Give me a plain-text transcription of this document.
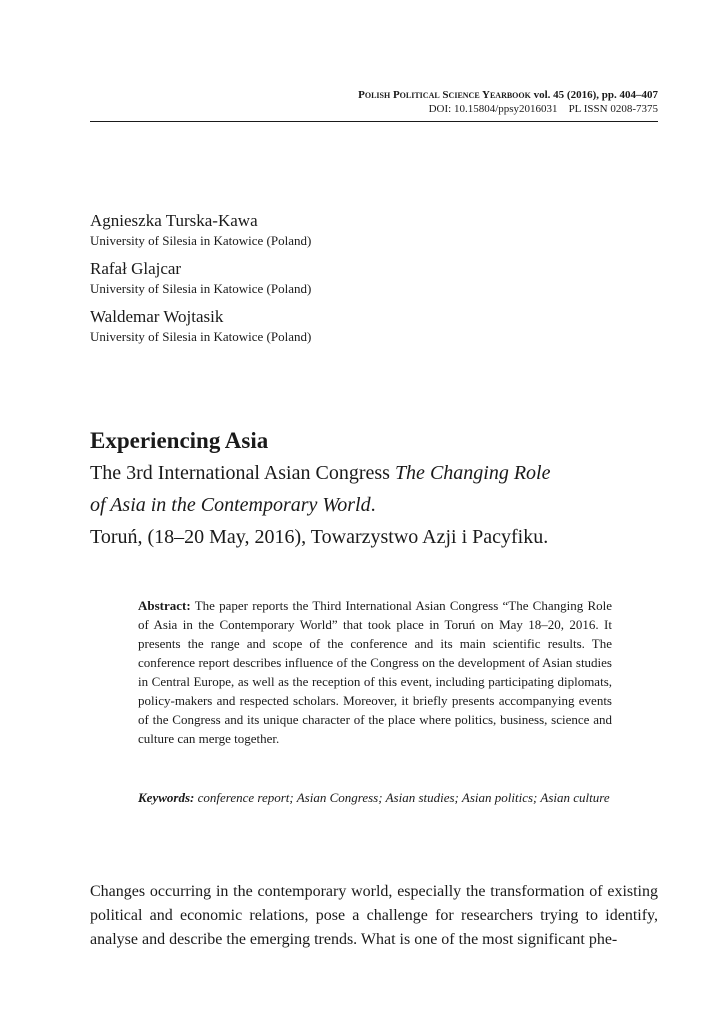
Polish Political Science Yearbook vol. 45 (2016), pp. 404–407
DOI: 10.15804/ppsy2016031 PL ISSN 0208-7375
Agnieszka Turska-Kawa
University of Silesia in Katowice (Poland)
Rafał Glajcar
University of Silesia in Katowice (Poland)
Waldemar Wojtasik
University of Silesia in Katowice (Poland)
Experiencing Asia
The 3rd International Asian Congress The Changing Role
of Asia in the Contemporary World.
Toruń, (18–20 May, 2016), Towarzystwo Azji i Pacyfiku.
Abstract: The paper reports the Third International Asian Congress “The Changing Role of Asia in the Contemporary World” that took place in Toruń on May 18–20, 2016. It presents the range and scope of the conference and its main scientific results. The conference report describes influence of the Congress on the development of Asian studies in Central Europe, as well as the reception of this event, including participating diplomats, policy-makers and respected scholars. Moreover, it briefly presents accompanying events of the Congress and its unique character of the place where politics, business, science and culture can merge together.
Keywords: conference report; Asian Congress; Asian studies; Asian politics; Asian culture
Changes occurring in the contemporary world, especially the transformation of existing political and economic relations, pose a challenge for researchers trying to identify, analyse and describe the emerging trends. What is one of the most significant phe-
